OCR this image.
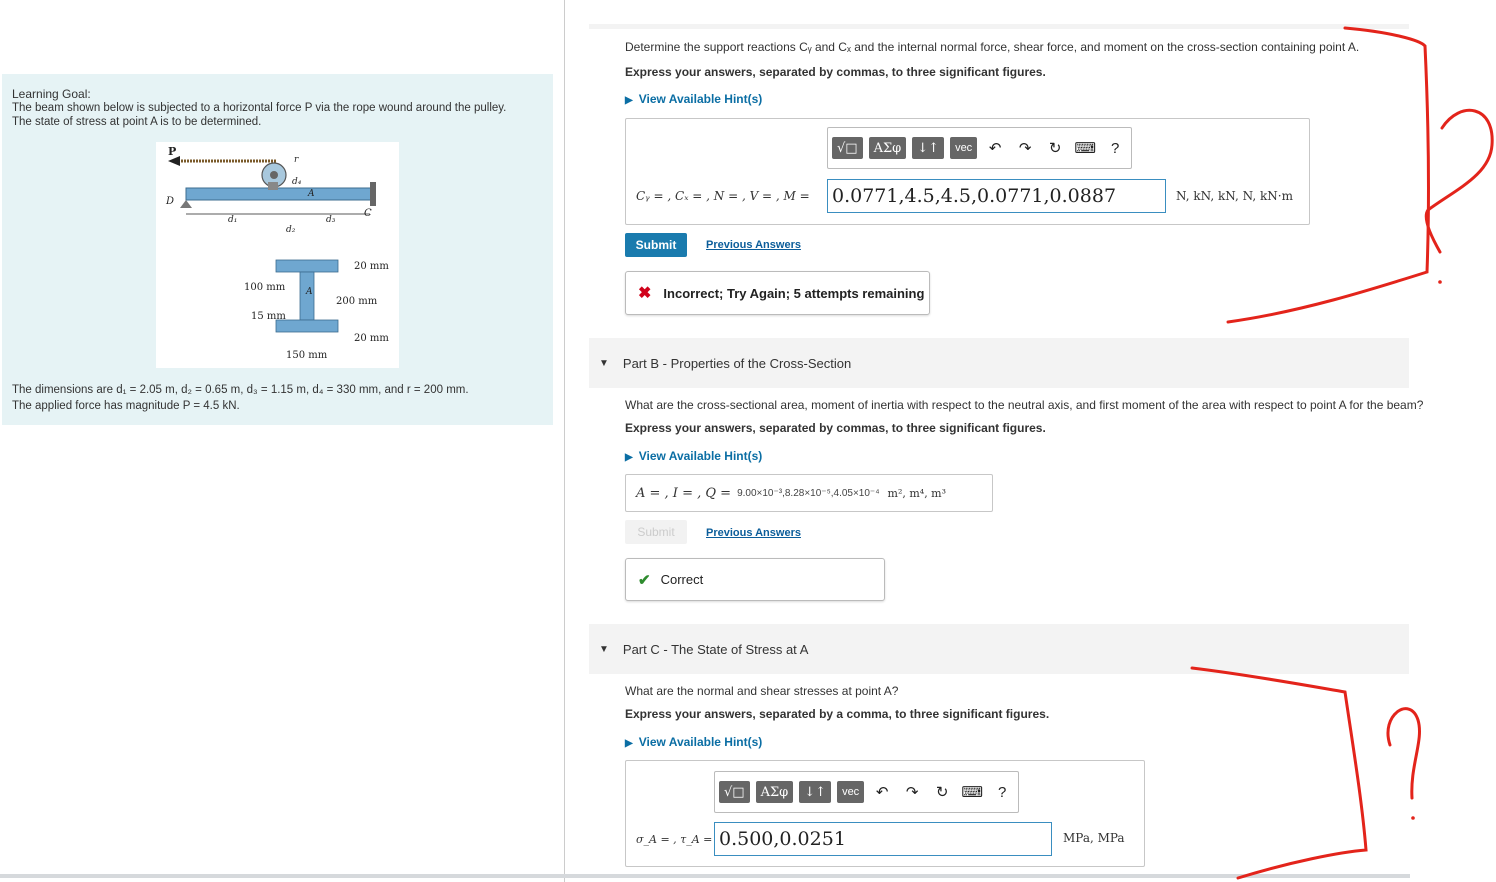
Learning Goal:
The beam shown below is subjected to a horizontal force P via the rope wound around the pulley.
The state of stress at point A is to be determined.
P
r
d₄
A
D
C
d₁
d₂
d₃
A
20 mm
100 mm
200 mm
15 mm
20 mm
150 mm
The dimensions are d₁ = 2.05 m, d₂ = 0.65 m, d₃ = 1.15 m, d₄ = 330 mm, and r = 200 mm.
The applied force has magnitude P = 4.5 kN.
Determine the support reactions Cᵧ and Cₓ and the internal normal force, shear force, and moment on the cross-section containing point A.
Express your answers, separated by commas, to three significant figures.
▶ View Available Hint(s)
√□	ΑΣφ	↓↑	vec	↶	↷	↻ ⌨	?
Cᵧ = , Cₓ = , N = , V = , M = 0.0771,4.5,4.5,0.0771,0.0887	N, kN, kN, N, kN·m
Submit	Previous Answers
✖ Incorrect; Try Again; 5 attempts remaining
▼ Part B - Properties of the Cross-Section
What are the cross-sectional area, moment of inertia with respect to the neutral axis, and first moment of the area with respect to point A for the beam?
Express your answers, separated by commas, to three significant figures.
▶ View Available Hint(s)
A = , I = , Q = 9.00×10⁻³,8.28×10⁻⁵,4.05×10⁻⁴ m², m⁴, m³
Submit	Previous Answers
✔ Correct
▼ Part C - The State of Stress at A
What are the normal and shear stresses at point A?
Express your answers, separated by a comma, to three significant figures.
▶ View Available Hint(s)
√□	ΑΣφ	↓↑	vec	↶	↷	↻ ⌨	?
σ_A = , τ_A = 0.500,0.0251	MPa, MPa
